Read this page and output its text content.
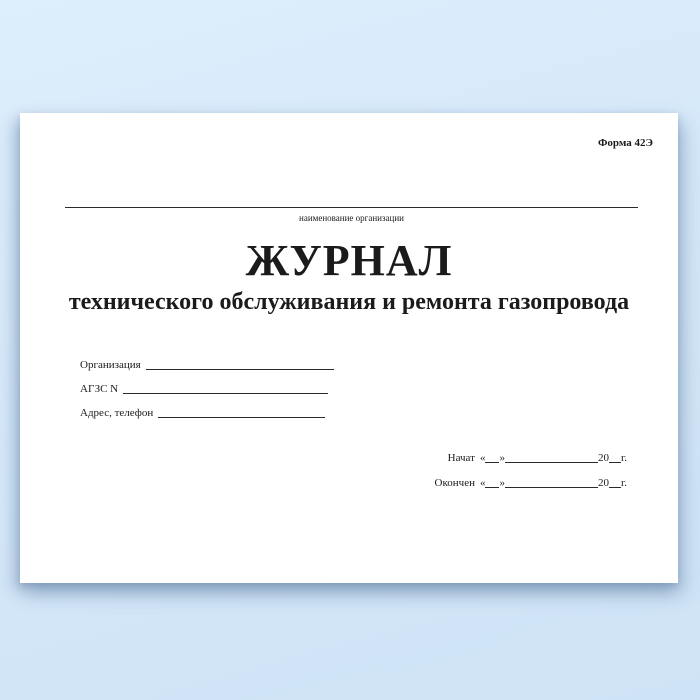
Форма 42Э
наименование организации
ЖУРНАЛ
технического обслуживания и ремонта газопровода
Организация
АГЗС N
Адрес, телефон
Начат « »	20 г.
Окончен « »	20 г.
